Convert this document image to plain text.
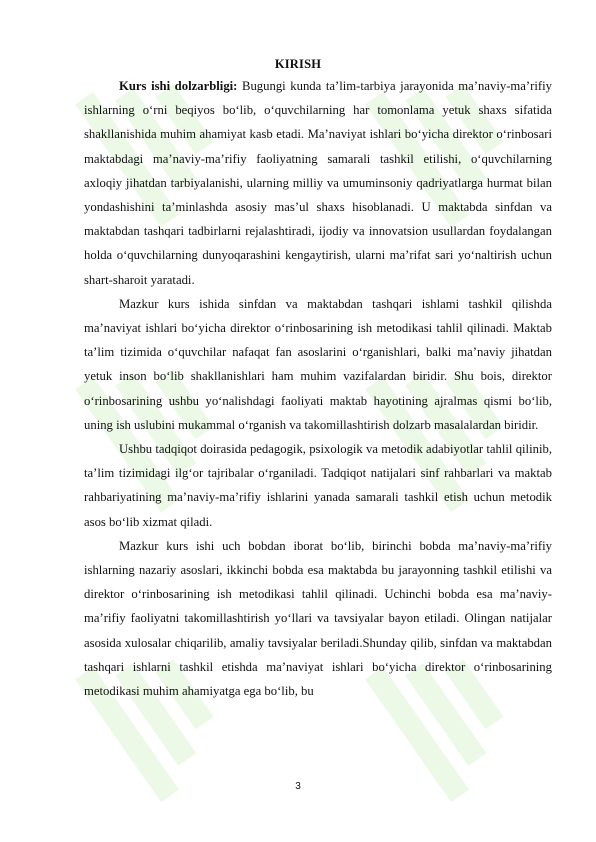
KIRISH

Kurs ishi dolzarbligi: Bugungi kunda ta’lim-tarbiya jarayonida ma’naviy-ma’rifiy ishlarning o‘rni beqiyos bo‘lib, o‘quvchilarning har tomonlama yetuk shaxs sifatida shakllanishida muhim ahamiyat kasb etadi. Ma’naviyat ishlari bo‘yicha direktor o‘rinbosari maktabdagi ma’naviy-ma’rifiy faoliyatning samarali tashkil etilishi, o‘quvchilarning axloqiy jihatdan tarbiyalanishi, ularning milliy va umuminsoniy qadriyatlarga hurmat bilan yondashishini ta’minlashda asosiy mas’ul shaxs hisoblanadi. U maktabda sinfdan va maktabdan tashqari tadbirlarni rejalashtiradi, ijodiy va innovatsion usullardan foydalangan holda o‘quvchilarning dunyoqarashini kengaytirish, ularni ma’rifat sari yo‘naltirish uchun shart-sharoit yaratadi.

Mazkur kurs ishida sinfdan va maktabdan tashqari ishlami tashkil qilishda ma’naviyat ishlari bo‘yicha direktor o‘rinbosarining ish metodikasi tahlil qilinadi. Maktab ta’lim tizimida o‘quvchilar nafaqat fan asoslarini o‘rganishlari, balki ma’naviy jihatdan yetuk inson bo‘lib shakllanishlari ham muhim vazifalardan biridir. Shu bois, direktor o‘rinbosarining ushbu yo‘nalishdagi faoliyati maktab hayotining ajralmas qismi bo‘lib, uning ish uslubini mukammal o‘rganish va takomillashtirish dolzarb masalalardan biridir.

Ushbu tadqiqot doirasida pedagogik, psixologik va metodik adabiyotlar tahlil qilinib, ta’lim tizimidagi ilg‘or tajribalar o‘rganiladi. Tadqiqot natijalari sinf rahbarlari va maktab rahbariyatining ma’naviy-ma’rifiy ishlarini yanada samarali tashkil etish uchun metodik asos bo‘lib xizmat qiladi.

Mazkur kurs ishi uch bobdan iborat bo‘lib, birinchi bobda ma’naviy-ma’rifiy ishlarning nazariy asoslari, ikkinchi bobda esa maktabda bu jarayonning tashkil etilishi va direktor o‘rinbosarining ish metodikasi tahlil qilinadi. Uchinchi bobda esa ma’naviy-ma’rifiy faoliyatni takomillashtirish yo‘llari va tavsiyalar bayon etiladi. Olingan natijalar asosida xulosalar chiqarilib, amaliy tavsiyalar beriladi.Shunday qilib, sinfdan va maktabdan tashqari ishlarni tashkil etishda ma’naviyat ishlari bo‘yicha direktor o‘rinbosarining metodikasi muhim ahamiyatga ega bo‘lib, bu

3
